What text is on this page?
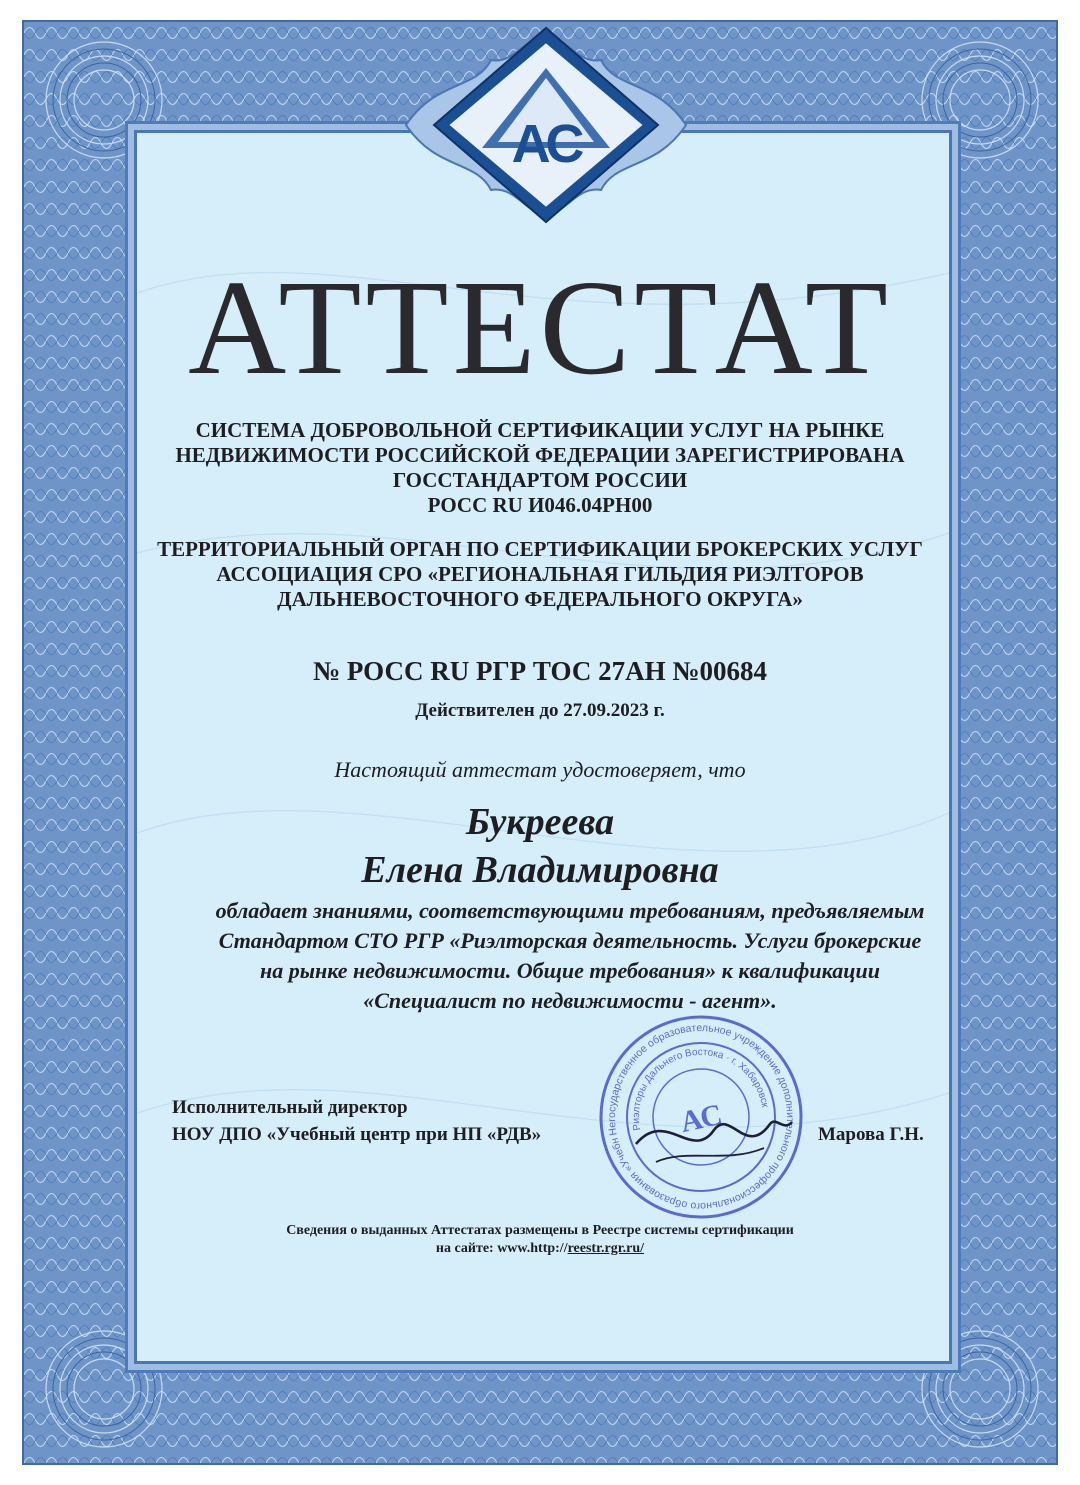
АС
АТТЕСТАТ

СИСТЕМА ДОБРОВОЛЬНОЙ СЕРТИФИКАЦИИ УСЛУГ НА РЫНКЕ

НЕДВИЖИМОСТИ РОССИЙСКОЙ ФЕДЕРАЦИИ ЗАРЕГИСТРИРОВАНА

ГОССТАНДАРТОМ РОССИИ

РОСС RU И046.04РН00

ТЕРРИТОРИАЛЬНЫЙ ОРГАН ПО СЕРТИФИКАЦИИ БРОКЕРСКИХ УСЛУГ

АССОЦИАЦИЯ СРО «РЕГИОНАЛЬНАЯ ГИЛЬДИЯ РИЭЛТОРОВ

ДАЛЬНЕВОСТОЧНОГО ФЕДЕРАЛЬНОГО ОКРУГА»

№ РОСС RU РГР ТОС 27АН №00684

Действителен до 27.09.2023 г.

Настоящий аттестат удостоверяет, что

Букреева

Елена Владимировна

обладает знаниями, соответствующими требованиям, предъявляемым
Стандартом СТО РГР «Риэлторская деятельность. Услуги брокерские
на рынке недвижимости. Общие требования» к квалификации
«Специалист по недвижимости - агент».
Негосударственное образовательное учреждение дополнительного профессионального образования «Учебный
Риэлторы Дальнего Востока · г. Хабаровск
АС
Исполнительный директор
НОУ ДПО «Учебный центр при НП «РДВ»	Марова Г.Н.
Сведения о выданных Аттестатах размещены в Реестре системы сертификации
на сайте: www.http://reestr.rgr.ru/
